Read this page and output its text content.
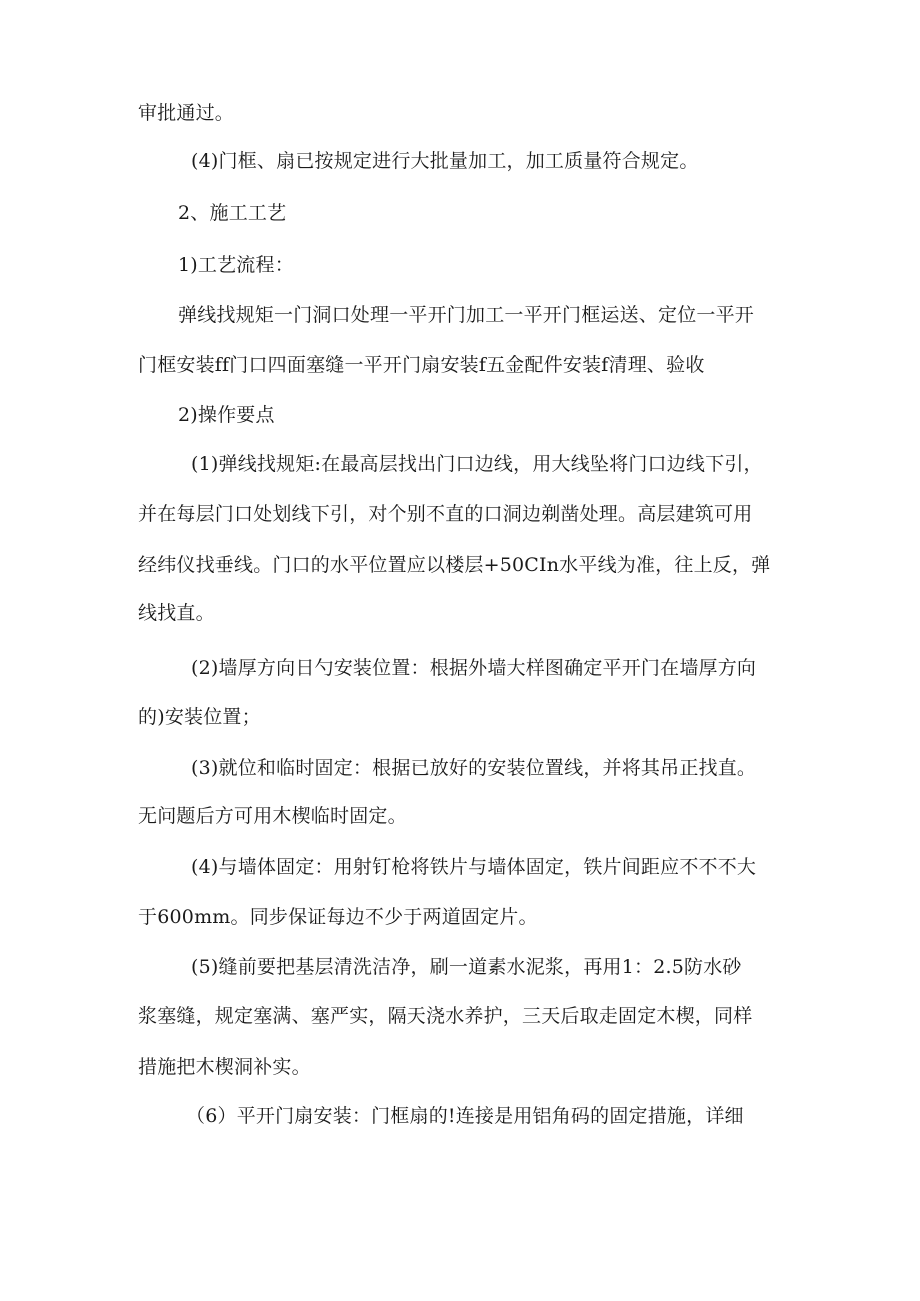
审批通过。
(4)门框、扇已按规定进行大批量加工，加工质量符合规定。
2、施工工艺
1)工艺流程：
弹线找规矩一门洞口处理一平开门加工一平开门框运送、定位一平开
门框安装ff门口四面塞缝一平开门扇安装f五金配件安装f清理、验收
2)操作要点
(1)弹线找规矩:在最高层找出门口边线，用大线坠将门口边线下引，
并在每层门口处划线下引，对个别不直的口洞边剃凿处理。高层建筑可用
经纬仪找垂线。门口的水平位置应以楼层+50CIn水平线为准，往上反，弹
线找直。
(2)墙厚方向日勺安装位置：根据外墙大样图确定平开门在墙厚方向
的)安装位置；
(3)就位和临时固定：根据已放好的安装位置线，并将其吊正找直。
无问题后方可用木楔临时固定。
(4)与墙体固定：用射钉枪将铁片与墙体固定，铁片间距应不不不大
于600mm。同步保证每边不少于两道固定片。
(5)缝前要把基层清洗洁净，刷一道素水泥浆，再用1：2.5防水砂
浆塞缝，规定塞满、塞严实，隔天浇水养护，三天后取走固定木楔，同样
措施把木楔洞补实。
（6）平开门扇安装：门框扇的!连接是用铝角码的固定措施，详细
